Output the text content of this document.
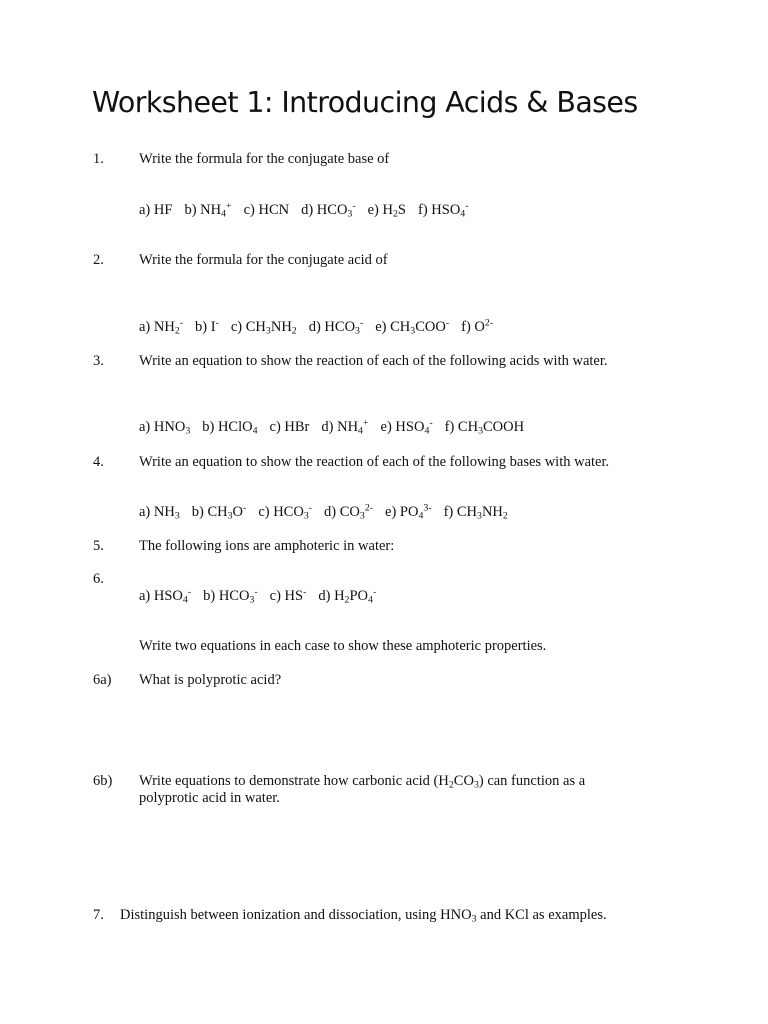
Worksheet 1: Introducing Acids & Bases
1. Write the formula for the conjugate base of
a) HF b) $NH_4^+$ c) HCN d) $HCO_3^-$ e) $H_2S$ f) $HSO_4^-$
2. Write the formula for the conjugate acid of
a) $NH_2^-$ b) I- c) $CH_3NH_2$ d) $HCO_3^-$ e) $CH_3COO^-$ f) $O^{2-}$
3. Write an equation to show the reaction of each of the following acids with water.
a) $HNO_3$ b) HClO$_4$ c) HBr d) $NH_4^+$ e) $HSO_4^-$ f) $CH_3COOH$
4. Write an equation to show the reaction of each of the following bases with water.
a) $NH_3$ b) $CH_3O^-$ c) $HCO_3^-$ d) $CO_3^{2-}$ e) $PO_4^{3-}$ f) $CH_3NH_2$
5. The following ions are amphoteric in water:
6.
a) $HSO_4^-$ b) $HCO_3^-$ c) HS- d) $H_2PO_4^-$
Write two equations in each case to show these amphoteric properties.
6a) What is polyprotic acid?
6b) Write equations to demonstrate how carbonic acid $(H_2CO_3)$ can function as a
polyprotic acid in water.
7. Distinguish between ionization and dissociation, using $HNO_3$ and KCl as examples.
